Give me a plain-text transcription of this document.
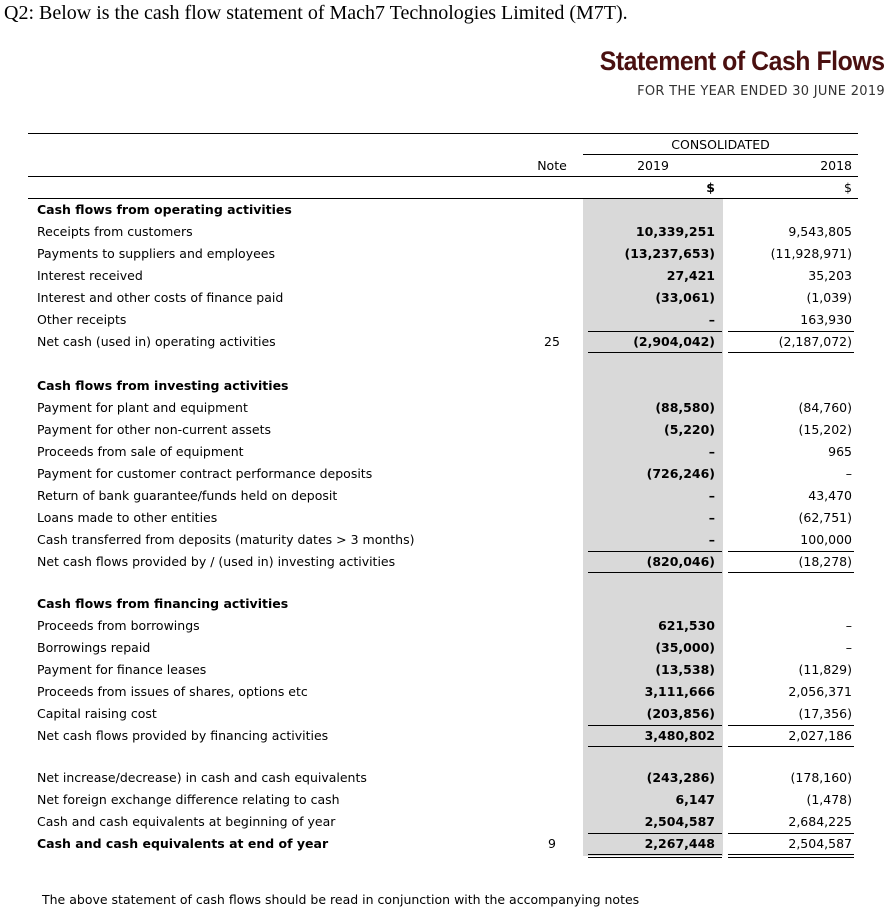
Q2: Below is the cash flow statement of Mach7 Technologies Limited (M7T).
Statement of Cash Flows
FOR THE YEAR ENDED 30 JUNE 2019
CONSOLIDATED
Note	2019	2018
$	$
Cash flows from operating activities
Receipts from customers	10,339,251	9,543,805
Payments to suppliers and employees	(13,237,653)	(11,928,971)
Interest received	27,421	35,203
Interest and other costs of finance paid	(33,061)	(1,039)
Other receipts	–	163,930
Net cash (used in) operating activities	25	(2,904,042)	(2,187,072)
Cash flows from investing activities
Payment for plant and equipment	(88,580)	(84,760)
Payment for other non-current assets	(5,220)	(15,202)
Proceeds from sale of equipment	–	965
Payment for customer contract performance deposits	(726,246)	–
Return of bank guarantee/funds held on deposit	–	43,470
Loans made to other entities	–	(62,751)
Cash transferred from deposits (maturity dates > 3 months)	–	100,000
Net cash flows provided by / (used in) investing activities	(820,046)	(18,278)
Cash flows from financing activities
Proceeds from borrowings	621,530	–
Borrowings repaid	(35,000)	–
Payment for finance leases	(13,538)	(11,829)
Proceeds from issues of shares, options etc	3,111,666	2,056,371
Capital raising cost	(203,856)	(17,356)
Net cash flows provided by financing activities	3,480,802	2,027,186
Net increase/decrease) in cash and cash equivalents	(243,286)	(178,160)
Net foreign exchange difference relating to cash	6,147	(1,478)
Cash and cash equivalents at beginning of year	2,504,587	2,684,225
Cash and cash equivalents at end of year	9	2,267,448	2,504,587
The above statement of cash flows should be read in conjunction with the accompanying notes
